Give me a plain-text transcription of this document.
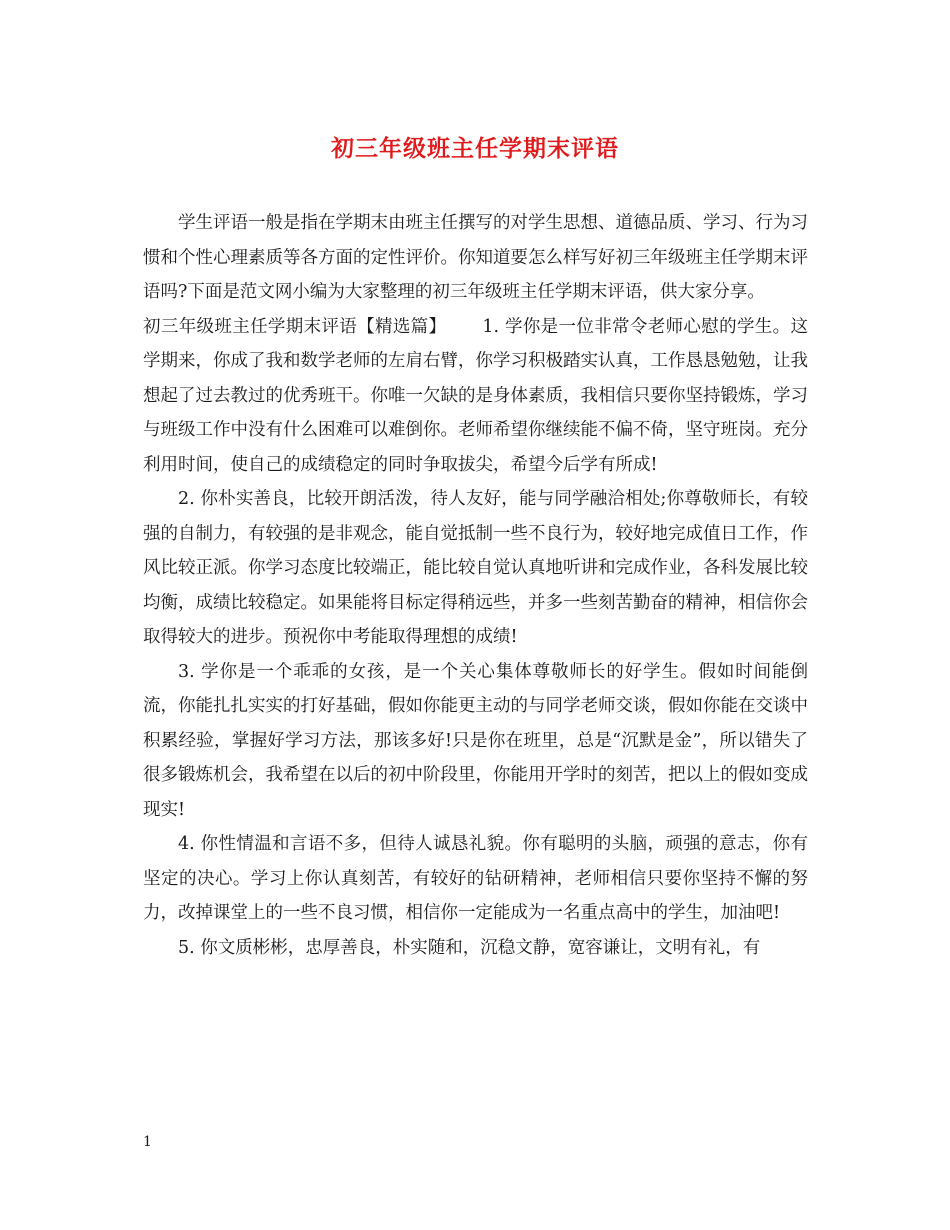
初三年级班主任学期末评语

学生评语一般是指在学期末由班主任撰写的对学生思想、道德品质、学习、行为习惯和个性心理素质等各方面的定性评价。你知道要怎么样写好初三年级班主任学期末评语吗?下面是范文网小编为大家整理的初三年级班主任学期末评语，供大家分享。

初三年级班主任学期末评语【精选篇】 1. 学你是一位非常令老师心慰的学生。这学期来，你成了我和数学老师的左肩右臂，你学习积极踏实认真，工作恳恳勉勉，让我想起了过去教过的优秀班干。你唯一欠缺的是身体素质，我相信只要你坚持锻炼，学习与班级工作中没有什么困难可以难倒你。老师希望你继续能不偏不倚，坚守班岗。充分利用时间，使自己的成绩稳定的同时争取拔尖，希望今后学有所成!

2. 你朴实善良，比较开朗活泼，待人友好，能与同学融洽相处;你尊敬师长，有较强的自制力，有较强的是非观念，能自觉抵制一些不良行为，较好地完成值日工作，作风比较正派。你学习态度比较端正，能比较自觉认真地听讲和完成作业，各科发展比较均衡，成绩比较稳定。如果能将目标定得稍远些，并多一些刻苦勤奋的精神，相信你会取得较大的进步。预祝你中考能取得理想的成绩!

3. 学你是一个乖乖的女孩，是一个关心集体尊敬师长的好学生。假如时间能倒流，你能扎扎实实的打好基础，假如你能更主动的与同学老师交谈，假如你能在交谈中积累经验，掌握好学习方法，那该多好!只是你在班里，总是“沉默是金”，所以错失了很多锻炼机会，我希望在以后的初中阶段里，你能用开学时的刻苦，把以上的假如变成现实!

4. 你性情温和言语不多，但待人诚恳礼貌。你有聪明的头脑，顽强的意志，你有坚定的决心。学习上你认真刻苦，有较好的钻研精神，老师相信只要你坚持不懈的努力，改掉课堂上的一些不良习惯，相信你一定能成为一名重点高中的学生，加油吧!

5. 你文质彬彬，忠厚善良，朴实随和，沉稳文静，宽容谦让，文明有礼，有

1
